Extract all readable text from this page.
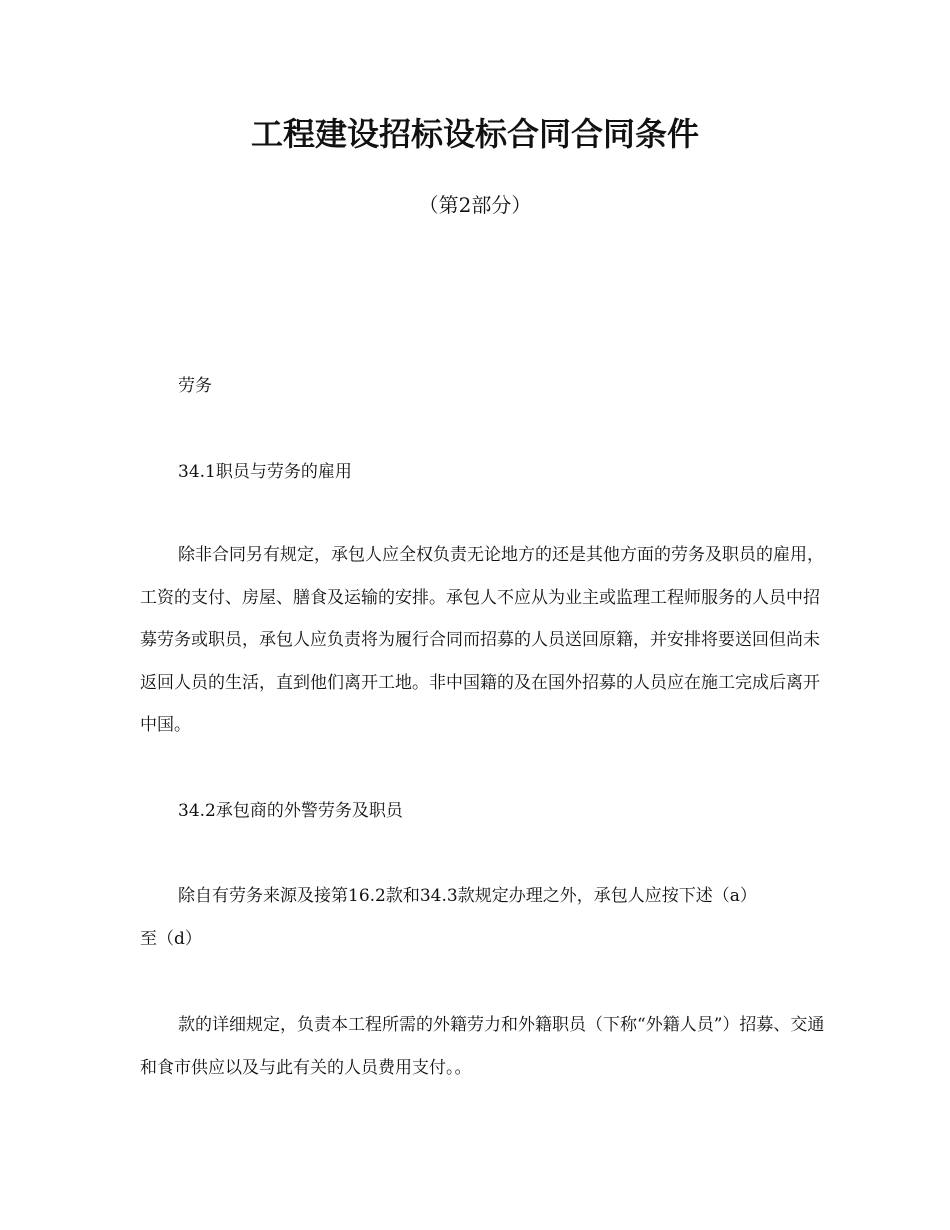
工程建设招标设标合同合同条件

（第2部分）

劳务

34.1职员与劳务的雇用

除非合同另有规定，承包人应全权负责无论地方的还是其他方面的劳务及职员的雇用，工资的支付、房屋、膳食及运输的安排。承包人不应从为业主或监理工程师服务的人员中招募劳务或职员，承包人应负责将为履行合同而招募的人员送回原籍，并安排将要送回但尚未返回人员的生活，直到他们离开工地。非中国籍的及在国外招募的人员应在施工完成后离开中国。

34.2承包商的外警劳务及职员

除自有劳务来源及接第16.2款和34.3款规定办理之外，承包人应按下述（a）

至（d）

款的详细规定，负责本工程所需的外籍劳力和外籍职员（下称“外籍人员”）招募、交通和食市供应以及与此有关的人员费用支付。。
